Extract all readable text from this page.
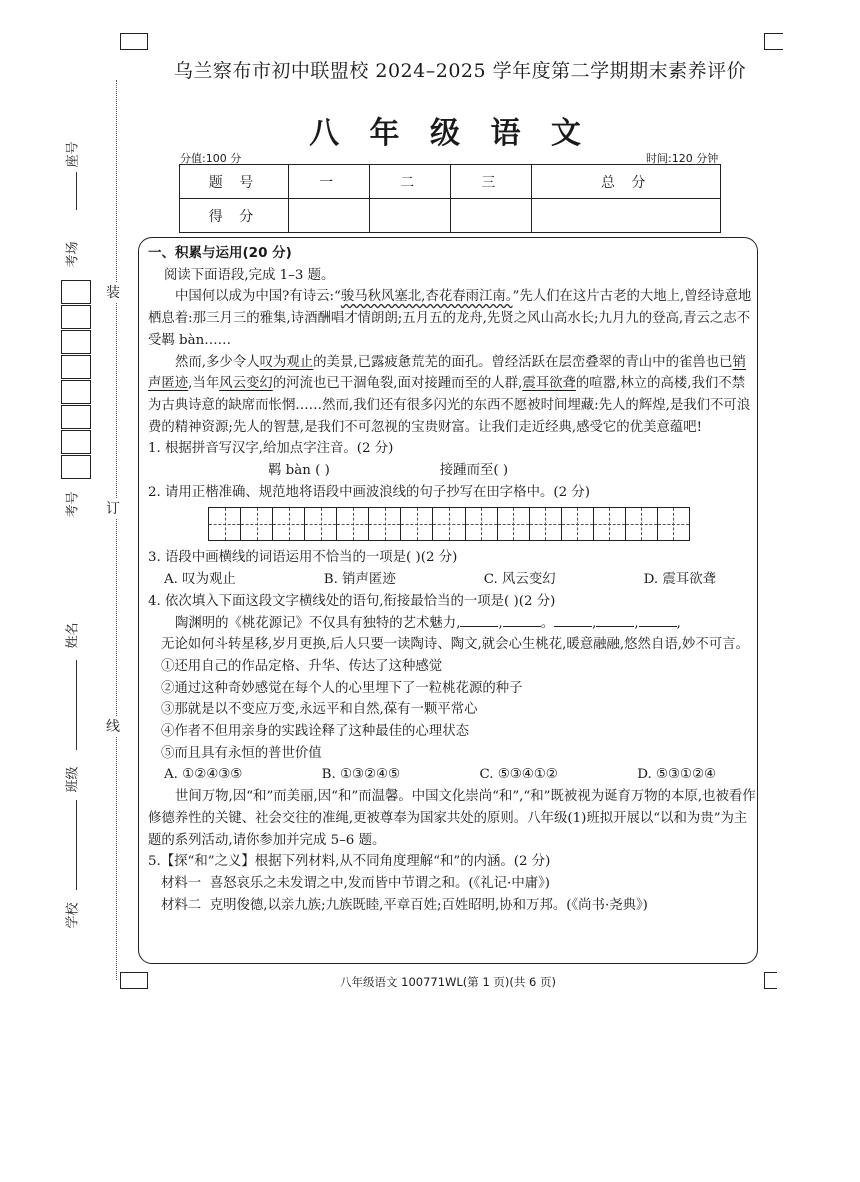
乌兰察布市初中联盟校 2024–2025 学年度第二学期期末素养评价
八 年 级 语 文
分值:100 分	时间:120 分钟
题 号	一	二	三	总 分
得 分				
装
订
线
座号
考场
考号
姓名
班级
学校

一、积累与运用(20 分)

阅读下面语段,完成 1–3 题。

中国何以成为中国?有诗云:“骏马秋风塞北,杏花春雨江南。”先人们在这片古老的大地上,曾经诗意地栖息着:那三月三的雅集,诗酒酬唱才情朗朗;五月五的龙舟,先贤之风山高水长;九月九的登高,青云之志不受羁 bàn……

然而,多少令人叹为观止的美景,已露疲惫荒芜的面孔。曾经活跃在层峦叠翠的青山中的雀兽也已销声匿迹,当年风云变幻的河流也已干涸龟裂,面对接踵而至的人群,震耳欲聋的喧嚣,林立的高楼,我们不禁为古典诗意的缺席而怅惘……然而,我们还有很多闪光的东西不愿被时间埋藏:先人的辉煌,是我们不可浪费的精神资源;先人的智慧,是我们不可忽视的宝贵财富。让我们走近经典,感受它的优美意蕴吧!

1. 根据拼音写汉字,给加点字注音。(2 分)

羁 bàn ( )	接踵而至( )

2. 请用正楷准确、规范地将语段中画波浪线的句子抄写在田字格中。(2 分)

3. 语段中画横线的词语运用不恰当的一项是( )(2 分)

A. 叹为观止	B. 销声匿迹	C. 风云变幻	D. 震耳欲聋

4. 依次填入下面这段文字横线处的语句,衔接最恰当的一项是( )(2 分)

陶渊明的《桃花源记》不仅具有独特的艺术魅力,	,	。	,	,	,

无论如何斗转星移,岁月更换,后人只要一读陶诗、陶文,就会心生桃花,暖意融融,悠然自语,妙不可言。

①还用自己的作品定格、升华、传达了这种感觉

②通过这种奇妙感觉在每个人的心里埋下了一粒桃花源的种子

③那就是以不变应万变,永远平和自然,葆有一颗平常心

④作者不但用亲身的实践诠释了这种最佳的心理状态

⑤而且具有永恒的普世价值

A. ①②④③⑤	B. ①③②④⑤	C. ⑤③④①②	D. ⑤③①②④

世间万物,因“和”而美丽,因“和”而温馨。中国文化崇尚“和”,“和”既被视为诞育万物的本原,也被看作修德养性的关键、社会交往的准绳,更被尊奉为国家共处的原则。八年级(1)班拟开展以“以和为贵”为主题的系列活动,请你参加并完成 5–6 题。

5.【探“和”之义】根据下列材料,从不同角度理解“和”的内涵。(2 分)

材料一 喜怒哀乐之未发谓之中,发而皆中节谓之和。(《礼记·中庸》)

材料二 克明俊德,以亲九族;九族既睦,平章百姓;百姓昭明,协和万邦。(《尚书·尧典》)

八年级语文 100771WL(第 1 页)(共 6 页)
